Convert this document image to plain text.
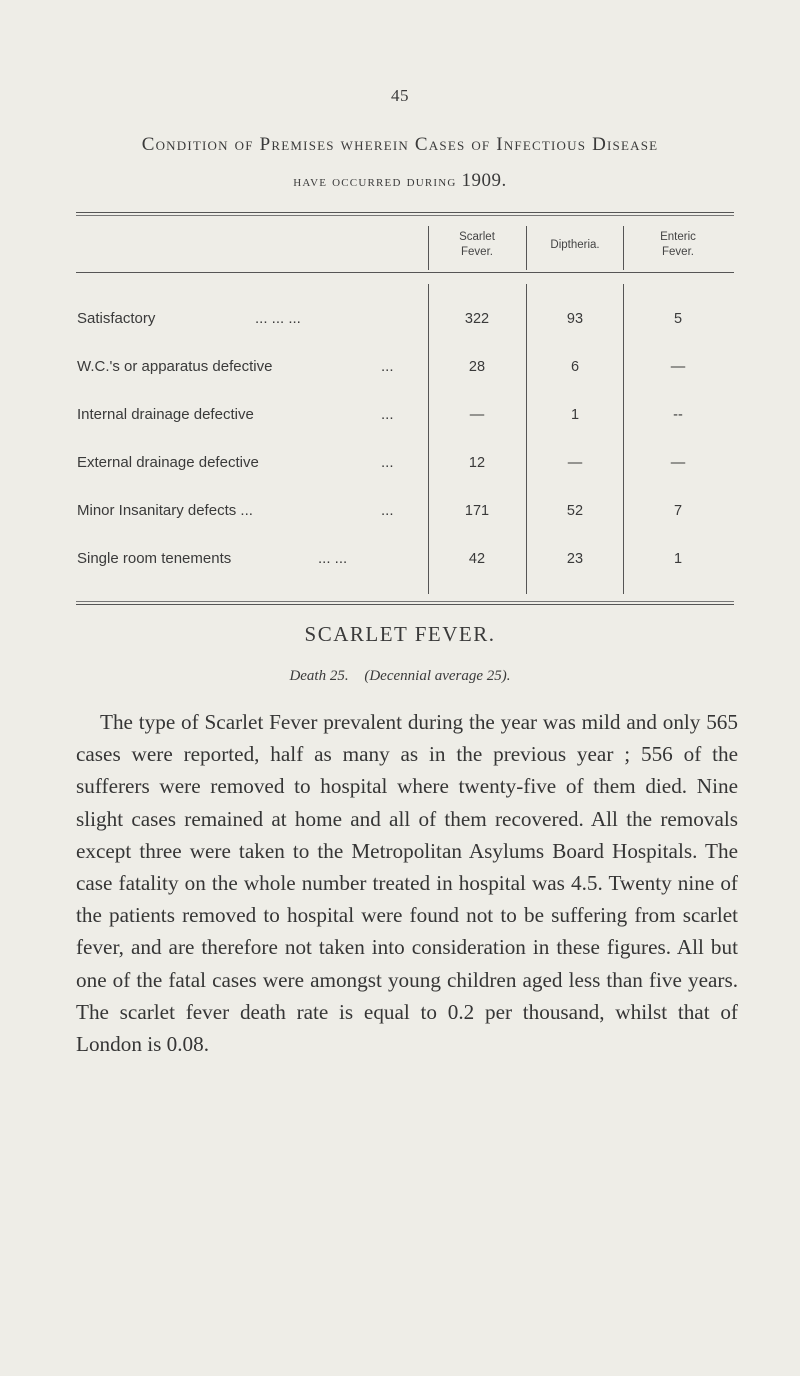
45
Condition of Premises wherein Cases of Infectious Disease
have occurred during 1909.
Scarlet
Fever.
Diptheria.
Enteric
Fever.
Satisfactory	... ... ...	322	93	5
W.C.'s or apparatus defective	...	28	6	—
Internal drainage defective	...	—	1	--
External drainage defective	...	12	—	—
Minor Insanitary defects ...	...	171	52	7
Single room tenements	... ...	42	23	1
SCARLET FEVER.
Death 25. (Decennial average 25).
The type of Scarlet Fever prevalent during the year was mild and only 565 cases were reported, half as many as in the previous year ; 556 of the sufferers were removed to hospital where twenty-five of them died. Nine slight cases remained at home and all of them recovered. All the removals except three were taken to the Metropolitan Asylums Board Hospitals. The case fatality on the whole number treated in hospital was 4.5. Twenty nine of the patients removed to hospital were found not to be suffering from scarlet fever, and are therefore not taken into consideration in these figures. All but one of the fatal cases were amongst young children aged less than five years. The scarlet fever death rate is equal to 0.2 per thousand, whilst that of London is 0.08.
